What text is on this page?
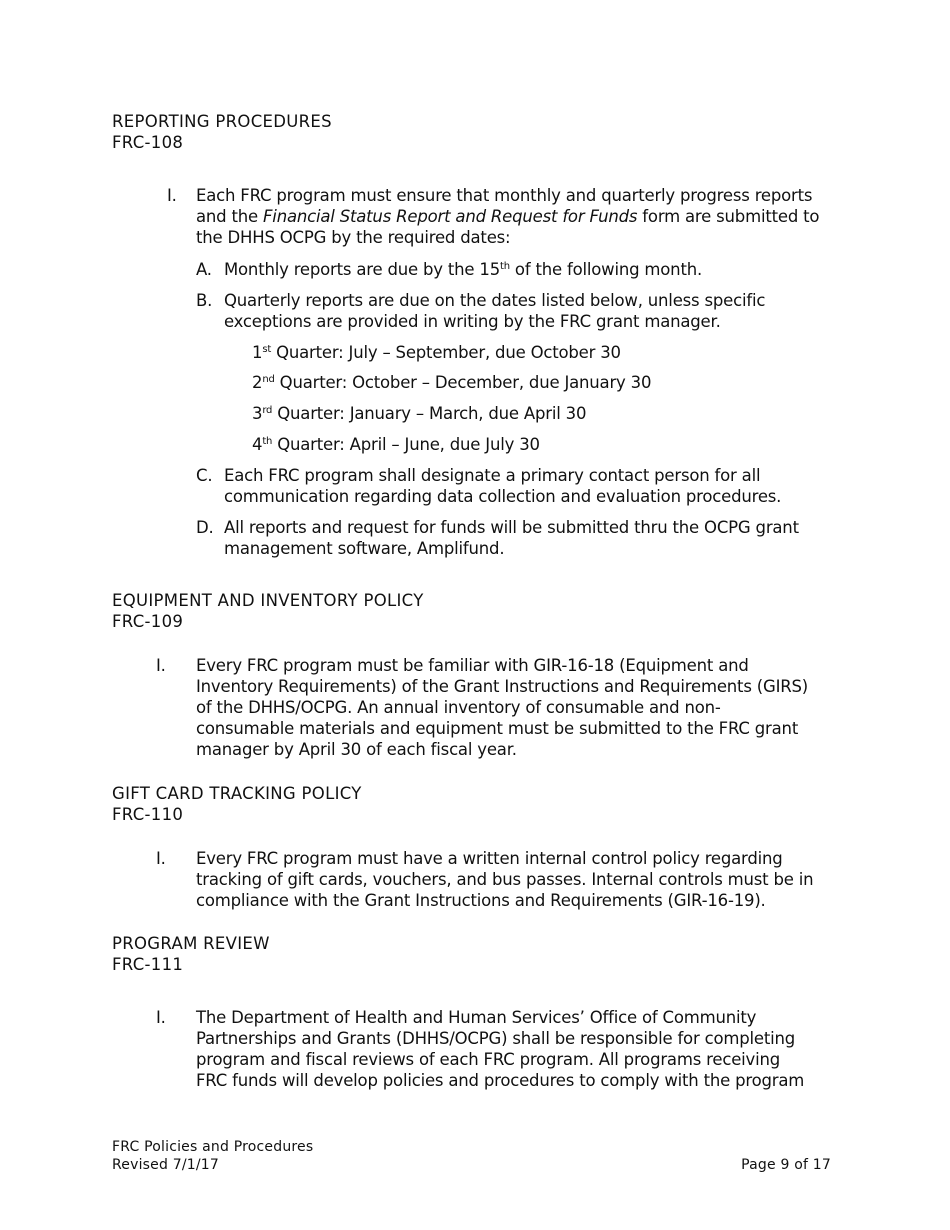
REPORTING PROCEDURES
FRC-108
I. Each FRC program must ensure that monthly and quarterly progress reports
and the Financial Status Report and Request for Funds form are submitted to
the DHHS OCPG by the required dates:
A. Monthly reports are due by the 15th of the following month.
B. Quarterly reports are due on the dates listed below, unless specific
exceptions are provided in writing by the FRC grant manager.
1st Quarter: July – September, due October 30
2nd Quarter: October – December, due January 30
3rd Quarter: January – March, due April 30
4th Quarter: April – June, due July 30
C. Each FRC program shall designate a primary contact person for all
communication regarding data collection and evaluation procedures.
D. All reports and request for funds will be submitted thru the OCPG grant
management software, Amplifund.
EQUIPMENT AND INVENTORY POLICY
FRC-109
I. Every FRC program must be familiar with GIR-16-18 (Equipment and
Inventory Requirements) of the Grant Instructions and Requirements (GIRS)
of the DHHS/OCPG. An annual inventory of consumable and non-
consumable materials and equipment must be submitted to the FRC grant
manager by April 30 of each fiscal year.
GIFT CARD TRACKING POLICY
FRC-110
I. Every FRC program must have a written internal control policy regarding
tracking of gift cards, vouchers, and bus passes. Internal controls must be in
compliance with the Grant Instructions and Requirements (GIR-16-19).
PROGRAM REVIEW
FRC-111
I. The Department of Health and Human Services’ Office of Community
Partnerships and Grants (DHHS/OCPG) shall be responsible for completing
program and fiscal reviews of each FRC program. All programs receiving
FRC funds will develop policies and procedures to comply with the program
FRC Policies and Procedures
Revised 7/1/17	Page 9 of 17
